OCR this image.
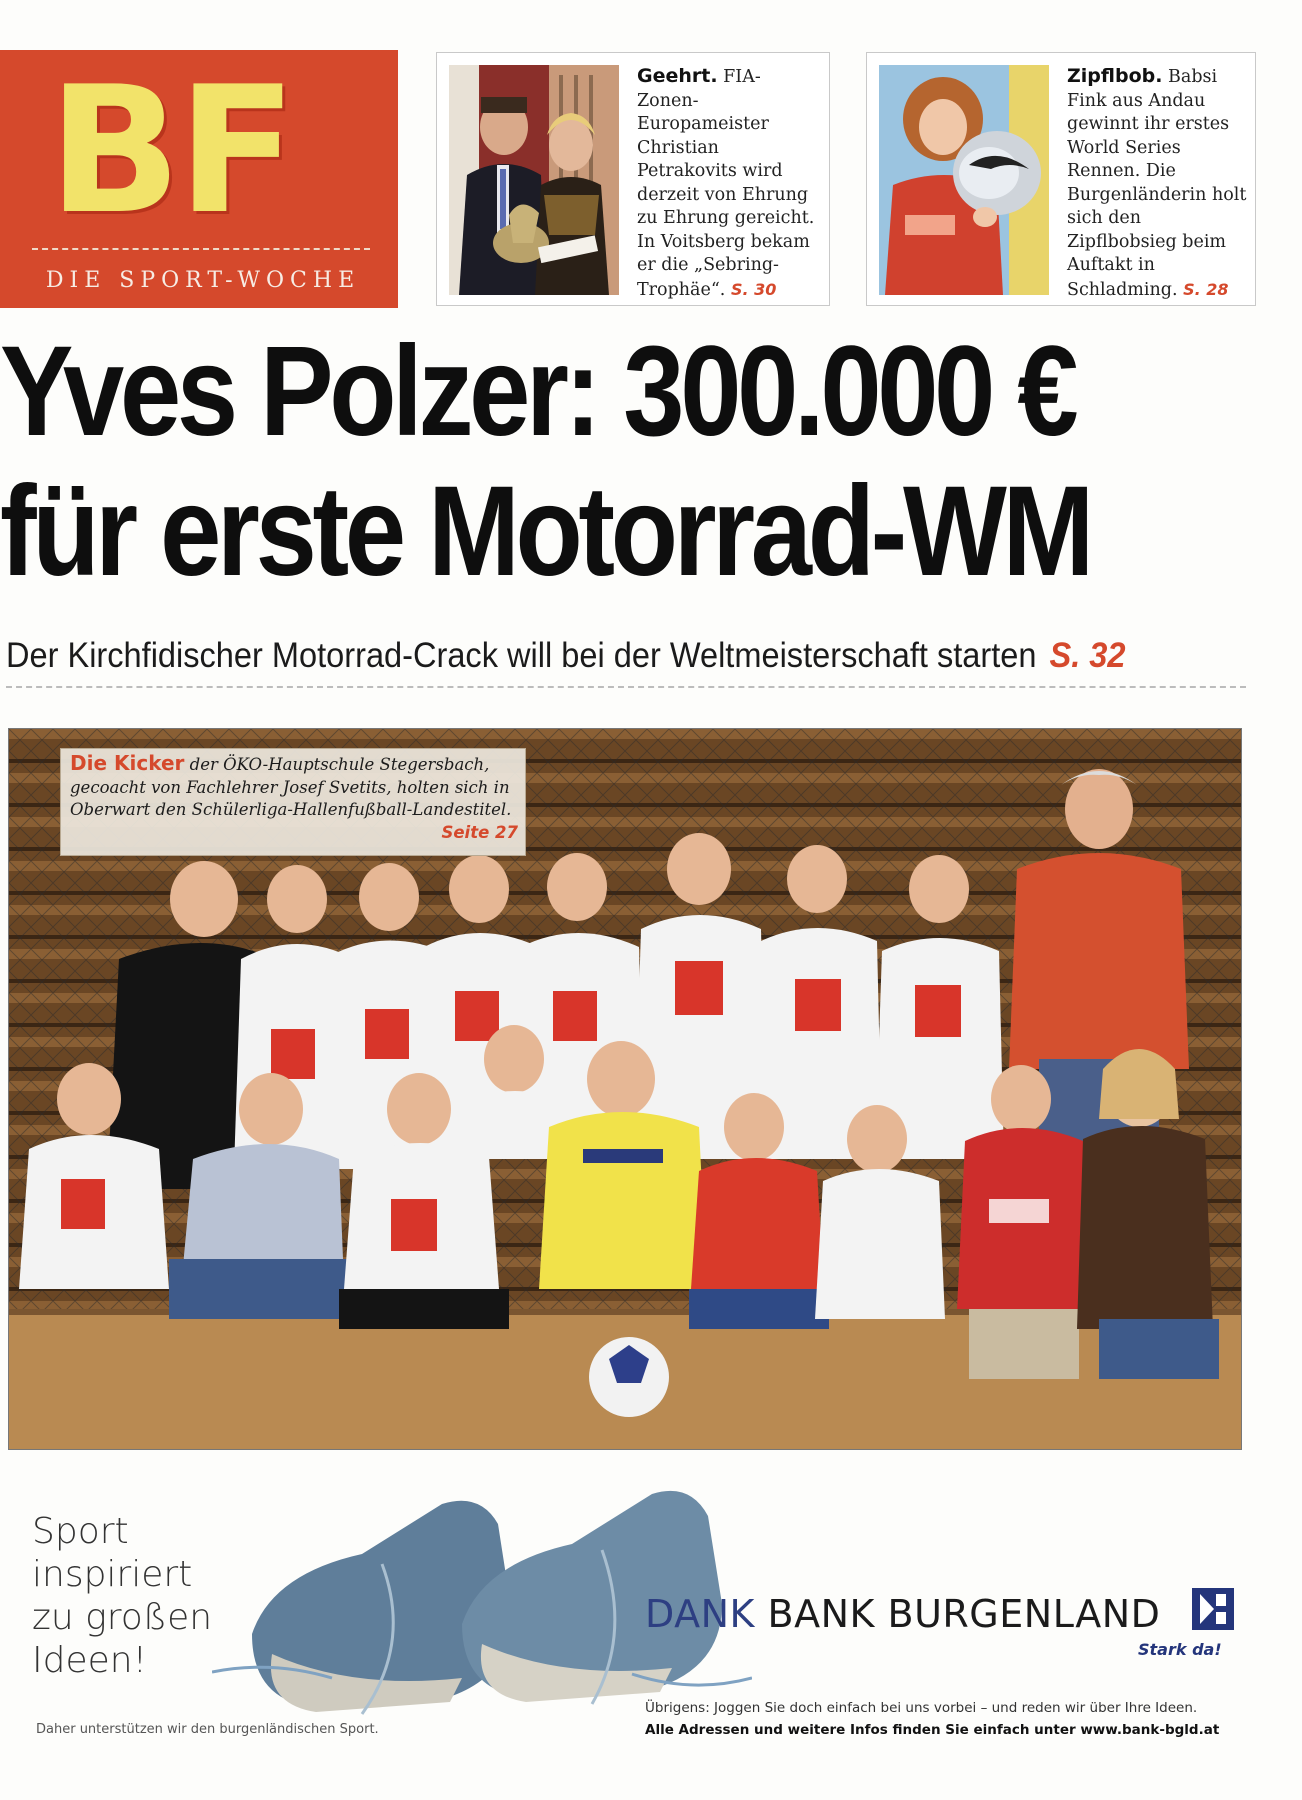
BF
DIE SPORT-WOCHE
Geehrt. FIA-Zonen-Europameister Christian Petrakovits wird derzeit von Ehrung zu Ehrung gereicht. In Voitsberg bekam er die „Sebring-Trophäe“. S. 30
Zipflbob. Babsi Fink aus Andau gewinnt ihr erstes World Series Rennen. Die Burgenländerin holt sich den Zipflbobsieg beim Auftakt in Schladming. S. 28
Yves Polzer: 300.000 €
für erste Motorrad-WM
Der Kirchfidischer Motorrad-Crack will bei der Weltmeisterschaft starten S. 32
Die Kicker der ÖKO-Hauptschule Stegersbach, gecoacht von Fachlehrer Josef Svetits, holten sich in Oberwart den Schülerliga-Hallenfußball-Landestitel.
Seite 27
Sport
inspiriert
zu großen
Ideen!
Daher unterstützen wir den burgenländischen Sport.
DANK BANK BURGENLAND
Stark da!
Übrigens: Joggen Sie doch einfach bei uns vorbei – und reden wir über Ihre Ideen.
Alle Adressen und weitere Infos finden Sie einfach unter www.bank-bgld.at
